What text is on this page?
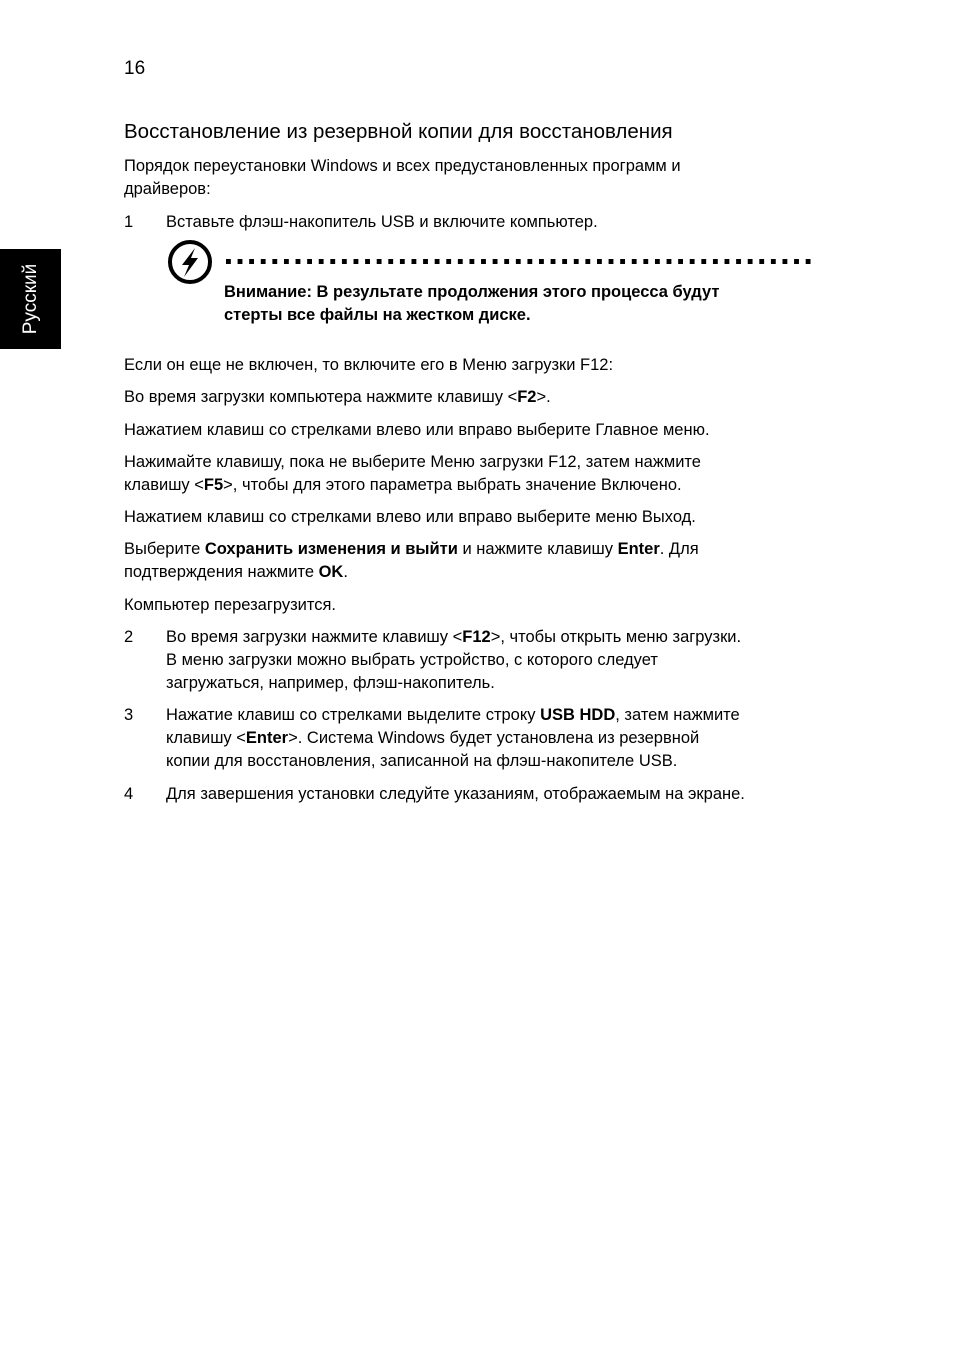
16
Русский
Восстановление из резервной копии для восстановления
Порядок переустановки Windows и всех предустановленных программ и
драйверов:
1 Вставьте флэш-накопитель USB и включите компьютер.
Внимание: В результате продолжения этого процесса будут
стерты все файлы на жестком диске.
Если он еще не включен, то включите его в Меню загрузки F12:
Во время загрузки компьютера нажмите клавишу <F2>.
Нажатием клавиш со стрелками влево или вправо выберите Главное меню.
Нажимайте клавишу, пока не выберите Меню загрузки F12, затем нажмите
клавишу <F5>, чтобы для этого параметра выбрать значение Включено.
Нажатием клавиш со стрелками влево или вправо выберите меню Выход.
Выберите Сохранить изменения и выйти и нажмите клавишу Enter. Для
подтверждения нажмите OK.
Компьютер перезагрузится.
2 Во время загрузки нажмите клавишу <F12>, чтобы открыть меню загрузки.
В меню загрузки можно выбрать устройство, с которого следует
загружаться, например, флэш-накопитель.
3 Нажатие клавиш со стрелками выделите строку USB HDD, затем нажмите
клавишу <Enter>. Система Windows будет установлена из резервной
копии для восстановления, записанной на флэш-накопителе USB.
4 Для завершения установки следуйте указаниям, отображаемым на экране.
